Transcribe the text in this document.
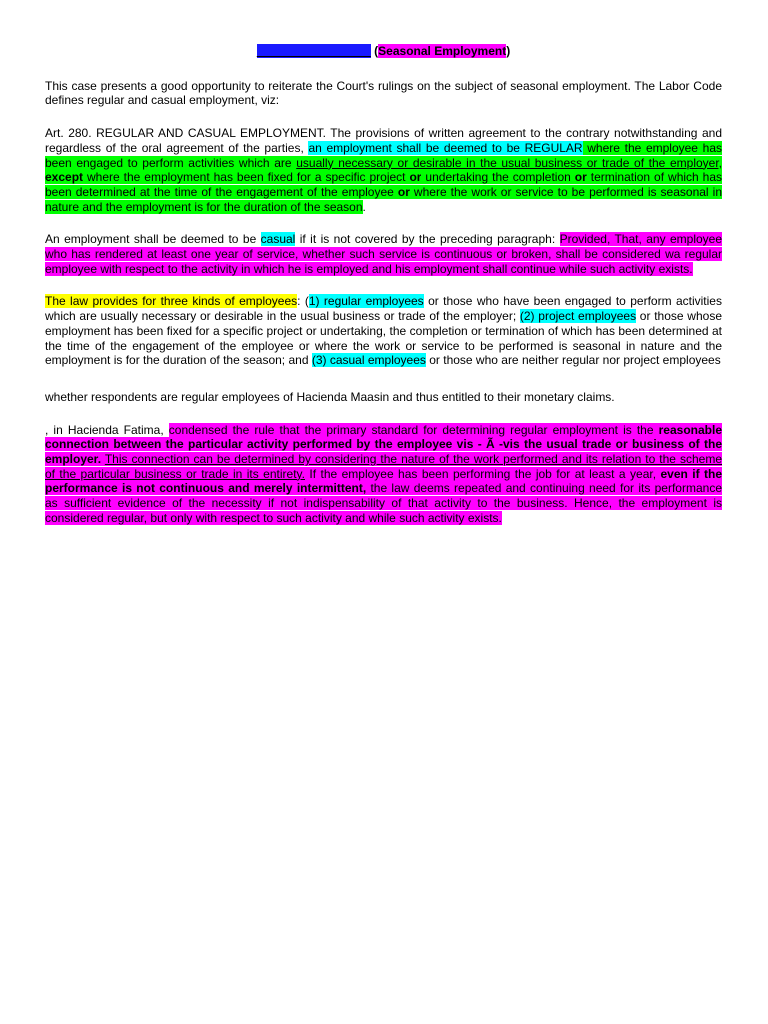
Benares vs. Pancho (Seasonal Employment)

This case presents a good opportunity to reiterate the Court's rulings on the subject of seasonal employment. The Labor Code defines regular and casual employment, viz:

Art. 280. REGULAR AND CASUAL EMPLOYMENT. The provisions of written agreement to the contrary notwithstanding and regardless of the oral agreement of the parties, an employment shall be deemed to be REGULAR where the employee has been engaged to perform activities which are usually necessary or desirable in the usual business or trade of the employer, except where the employment has been fixed for a specific project or undertaking the completion or termination of which has been determined at the time of the engagement of the employee or where the work or service to be performed is seasonal in nature and the employment is for the duration of the season.

An employment shall be deemed to be casual if it is not covered by the preceding paragraph: Provided, That, any employee who has rendered at least one year of service, whether such service is continuous or broken, shall be considered wa regular employee with respect to the activity in which he is employed and his employment shall continue while such activity exists.

The law provides for three kinds of employees: (1) regular employees or those who have been engaged to perform activities which are usually necessary or desirable in the usual business or trade of the employer; (2) project employees or those whose employment has been fixed for a specific project or undertaking, the completion or termination of which has been determined at the time of the engagement of the employee or where the work or service to be performed is seasonal in nature and the employment is for the duration of the season; and (3) casual employees or those who are neither regular nor project employees

whether respondents are regular employees of Hacienda Maasin and thus entitled to their monetary claims.

, in Hacienda Fatima, condensed the rule that the primary standard for determining regular employment is the reasonable connection between the particular activity performed by the employee vis - Ã -vis the usual trade or business of the employer. This connection can be determined by considering the nature of the work performed and its relation to the scheme of the particular business or trade in its entirety. If the employee has been performing the job for at least a year, even if the performance is not continuous and merely intermittent, the law deems repeated and continuing need for its performance as sufficient evidence of the necessity if not indispensability of that activity to the business. Hence, the employment is considered regular, but only with respect to such activity and while such activity exists.
